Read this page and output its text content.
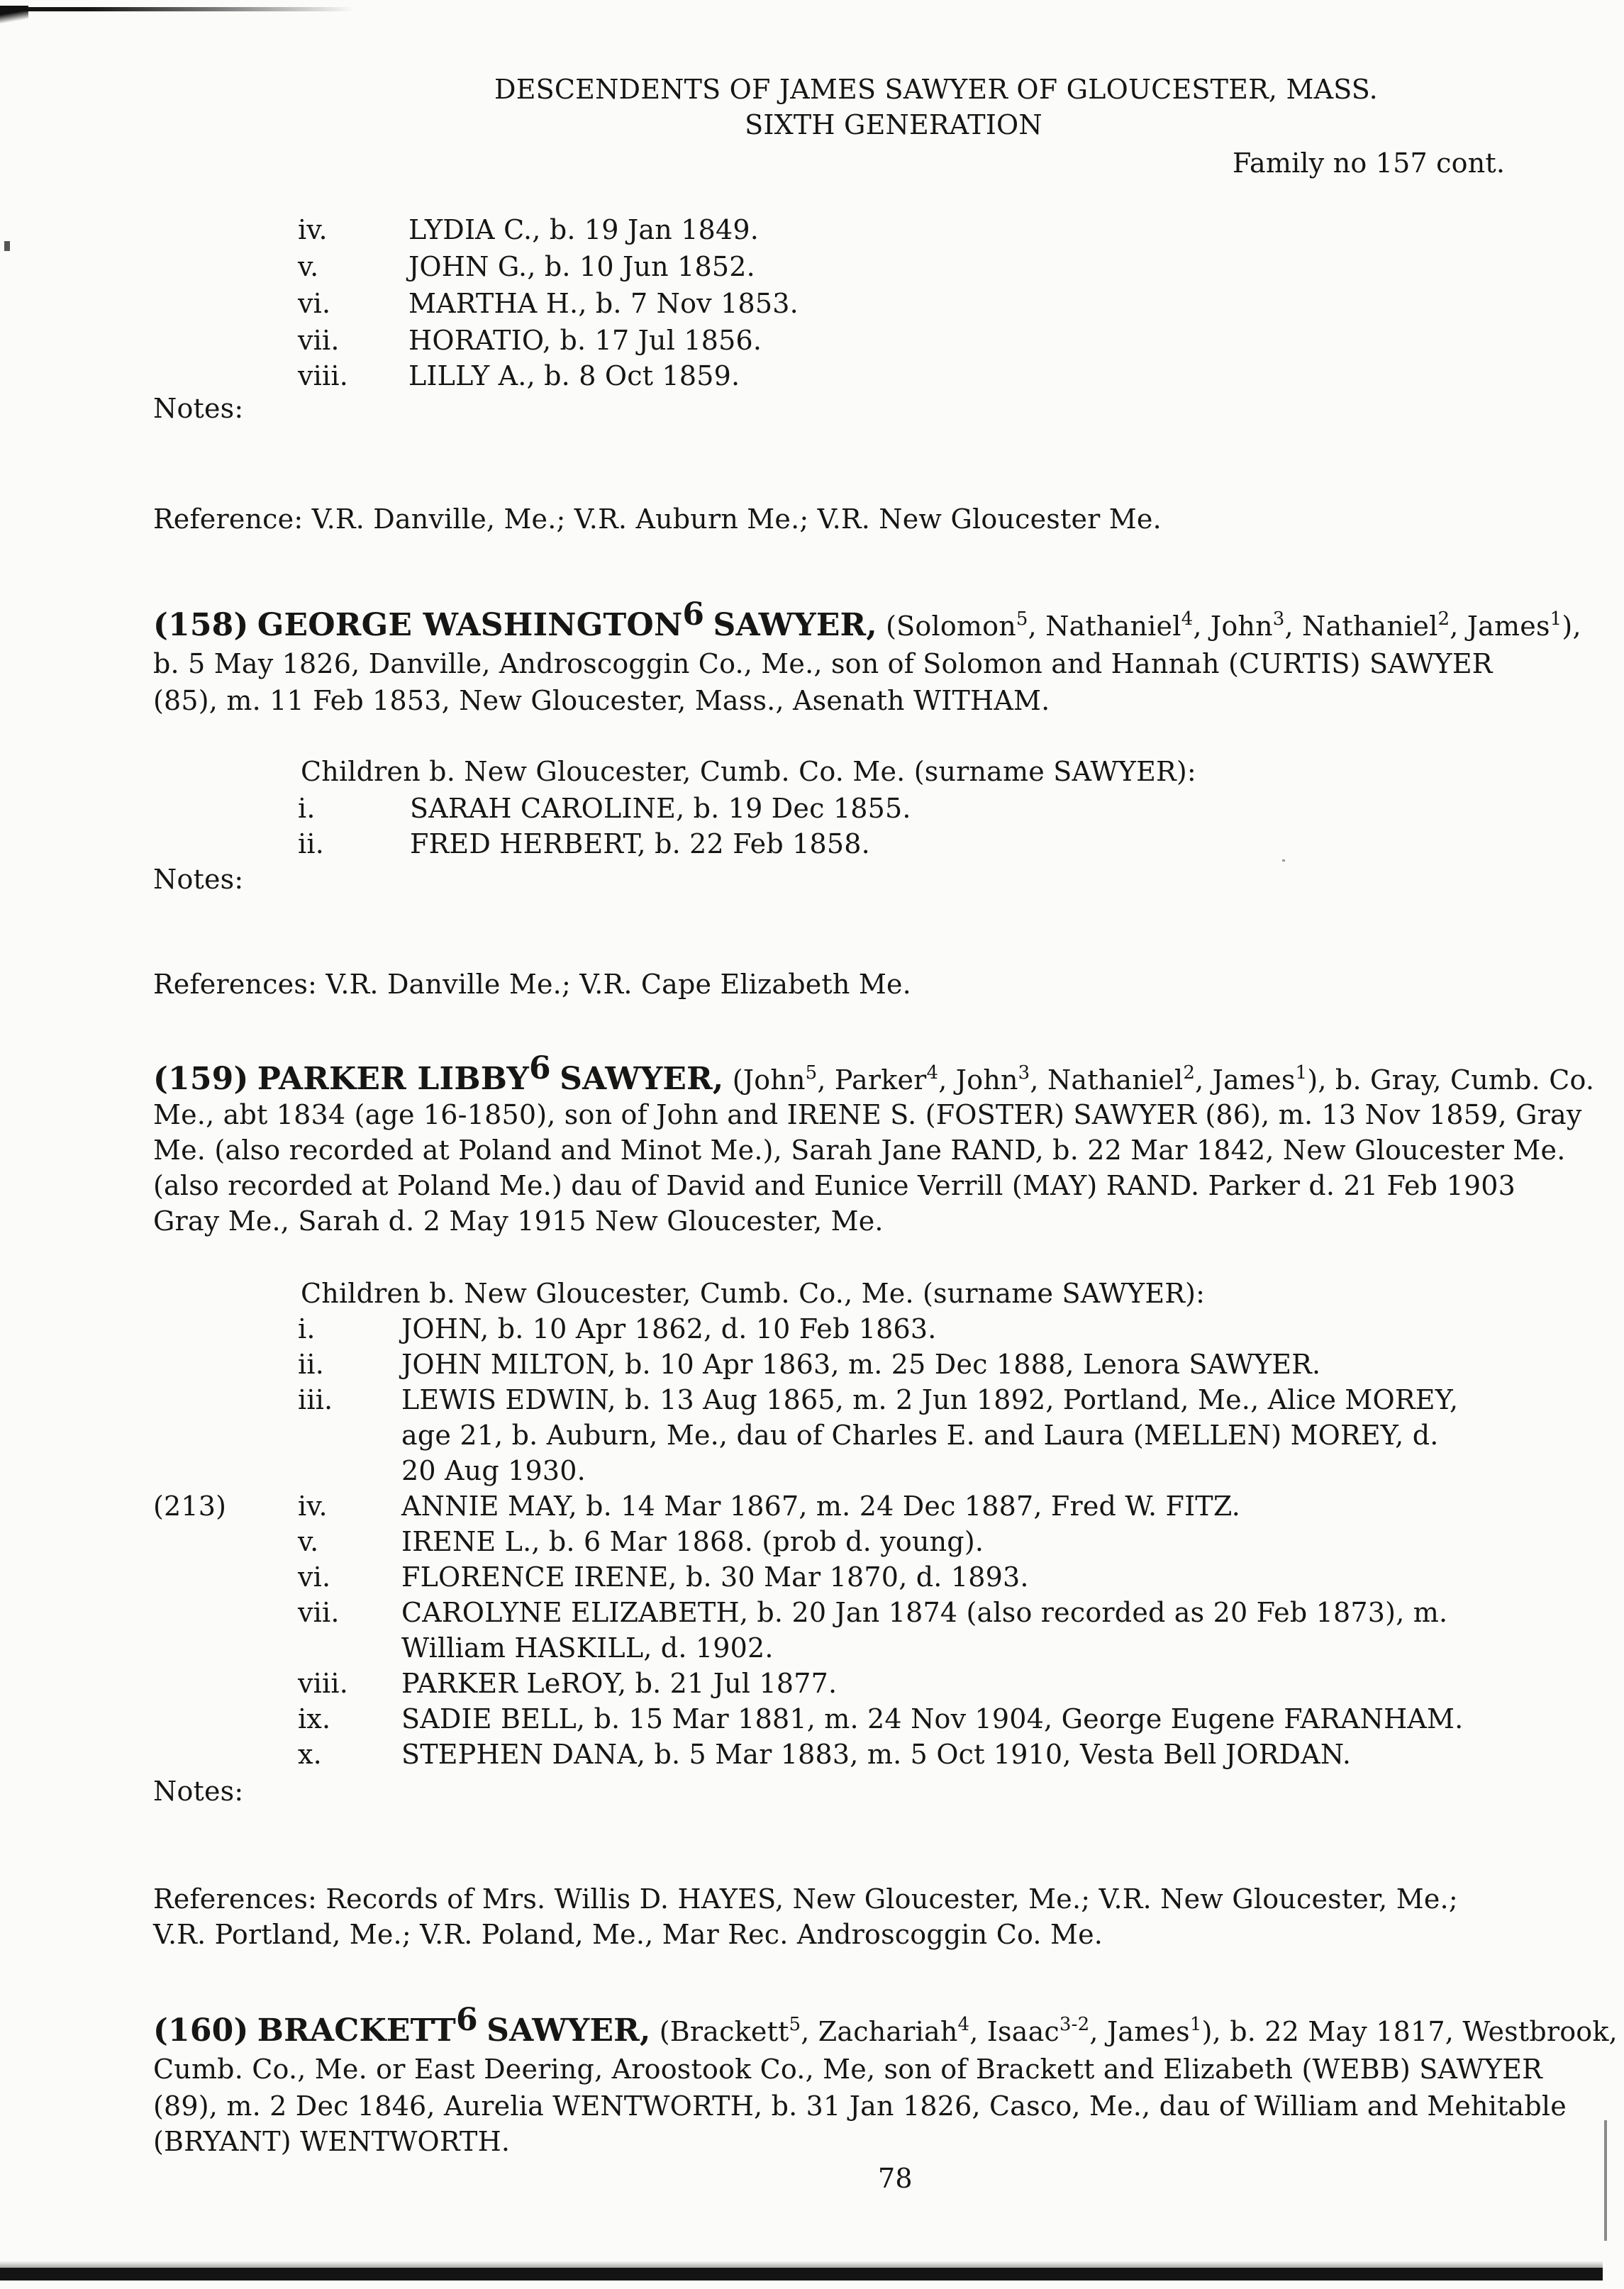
DESCENDENTS OF JAMES SAWYER OF GLOUCESTER, MASS.
SIXTH GENERATION
Family no 157 cont.
iv.	LYDIA C., b. 19 Jan 1849.
v.	JOHN G., b. 10 Jun 1852.
vi.	MARTHA H., b. 7 Nov 1853.
vii.	HORATIO, b. 17 Jul 1856.
viii. LILLY A., b. 8 Oct 1859.
Notes:
Reference: V.R. Danville, Me.; V.R. Auburn Me.; V.R. New Gloucester Me.
(158) GEORGE WASHINGTON$^6$ SAWYER, (Solomon$^5$, Nathaniel$^4$, John$^3$, Nathaniel$^2$, James$^1$),
b. 5 May 1826, Danville, Androscoggin Co., Me., son of Solomon and Hannah (CURTIS) SAWYER
(85), m. 11 Feb 1853, New Gloucester, Mass., Asenath WITHAM.
Children b. New Gloucester, Cumb. Co. Me. (surname SAWYER):
i.	SARAH CAROLINE, b. 19 Dec 1855.
ii.	FRED HERBERT, b. 22 Feb 1858.
Notes:
References: V.R. Danville Me.; V.R. Cape Elizabeth Me.
(159) PARKER LIBBY$^6$ SAWYER, (John$^5$, Parker$^4$, John$^3$, Nathaniel$^2$, James$^1$), b. Gray, Cumb. Co.
Me., abt 1834 (age 16-1850), son of John and IRENE S. (FOSTER) SAWYER (86), m. 13 Nov 1859, Gray
Me. (also recorded at Poland and Minot Me.), Sarah Jane RAND, b. 22 Mar 1842, New Gloucester Me.
(also recorded at Poland Me.) dau of David and Eunice Verrill (MAY) RAND. Parker d. 21 Feb 1903
Gray Me., Sarah d. 2 May 1915 New Gloucester, Me.
Children b. New Gloucester, Cumb. Co., Me. (surname SAWYER):
i.	JOHN, b. 10 Apr 1862, d. 10 Feb 1863.
ii.	JOHN MILTON, b. 10 Apr 1863, m. 25 Dec 1888, Lenora SAWYER.
iii.	LEWIS EDWIN, b. 13 Aug 1865, m. 2 Jun 1892, Portland, Me., Alice MOREY,
age 21, b. Auburn, Me., dau of Charles E. and Laura (MELLEN) MOREY, d.
20 Aug 1930.
(213)	iv.	ANNIE MAY, b. 14 Mar 1867, m. 24 Dec 1887, Fred W. FITZ.
v.	IRENE L., b. 6 Mar 1868. (prob d. young).
vi.	FLORENCE IRENE, b. 30 Mar 1870, d. 1893.
vii. CAROLYNE ELIZABETH, b. 20 Jan 1874 (also recorded as 20 Feb 1873), m.
William HASKILL, d. 1902.
viii. PARKER LeROY, b. 21 Jul 1877.
ix.	SADIE BELL, b. 15 Mar 1881, m. 24 Nov 1904, George Eugene FARANHAM.
x.	STEPHEN DANA, b. 5 Mar 1883, m. 5 Oct 1910, Vesta Bell JORDAN.
Notes:
References: Records of Mrs. Willis D. HAYES, New Gloucester, Me.; V.R. New Gloucester, Me.;
V.R. Portland, Me.; V.R. Poland, Me., Mar Rec. Androscoggin Co. Me.
(160) BRACKETT$^6$ SAWYER, (Brackett$^5$, Zachariah$^4$, Isaac$^{3-2}$, James$^1$), b. 22 May 1817, Westbrook,
Cumb. Co., Me. or East Deering, Aroostook Co., Me, son of Brackett and Elizabeth (WEBB) SAWYER
(89), m. 2 Dec 1846, Aurelia WENTWORTH, b. 31 Jan 1826, Casco, Me., dau of William and Mehitable
(BRYANT) WENTWORTH.
78
